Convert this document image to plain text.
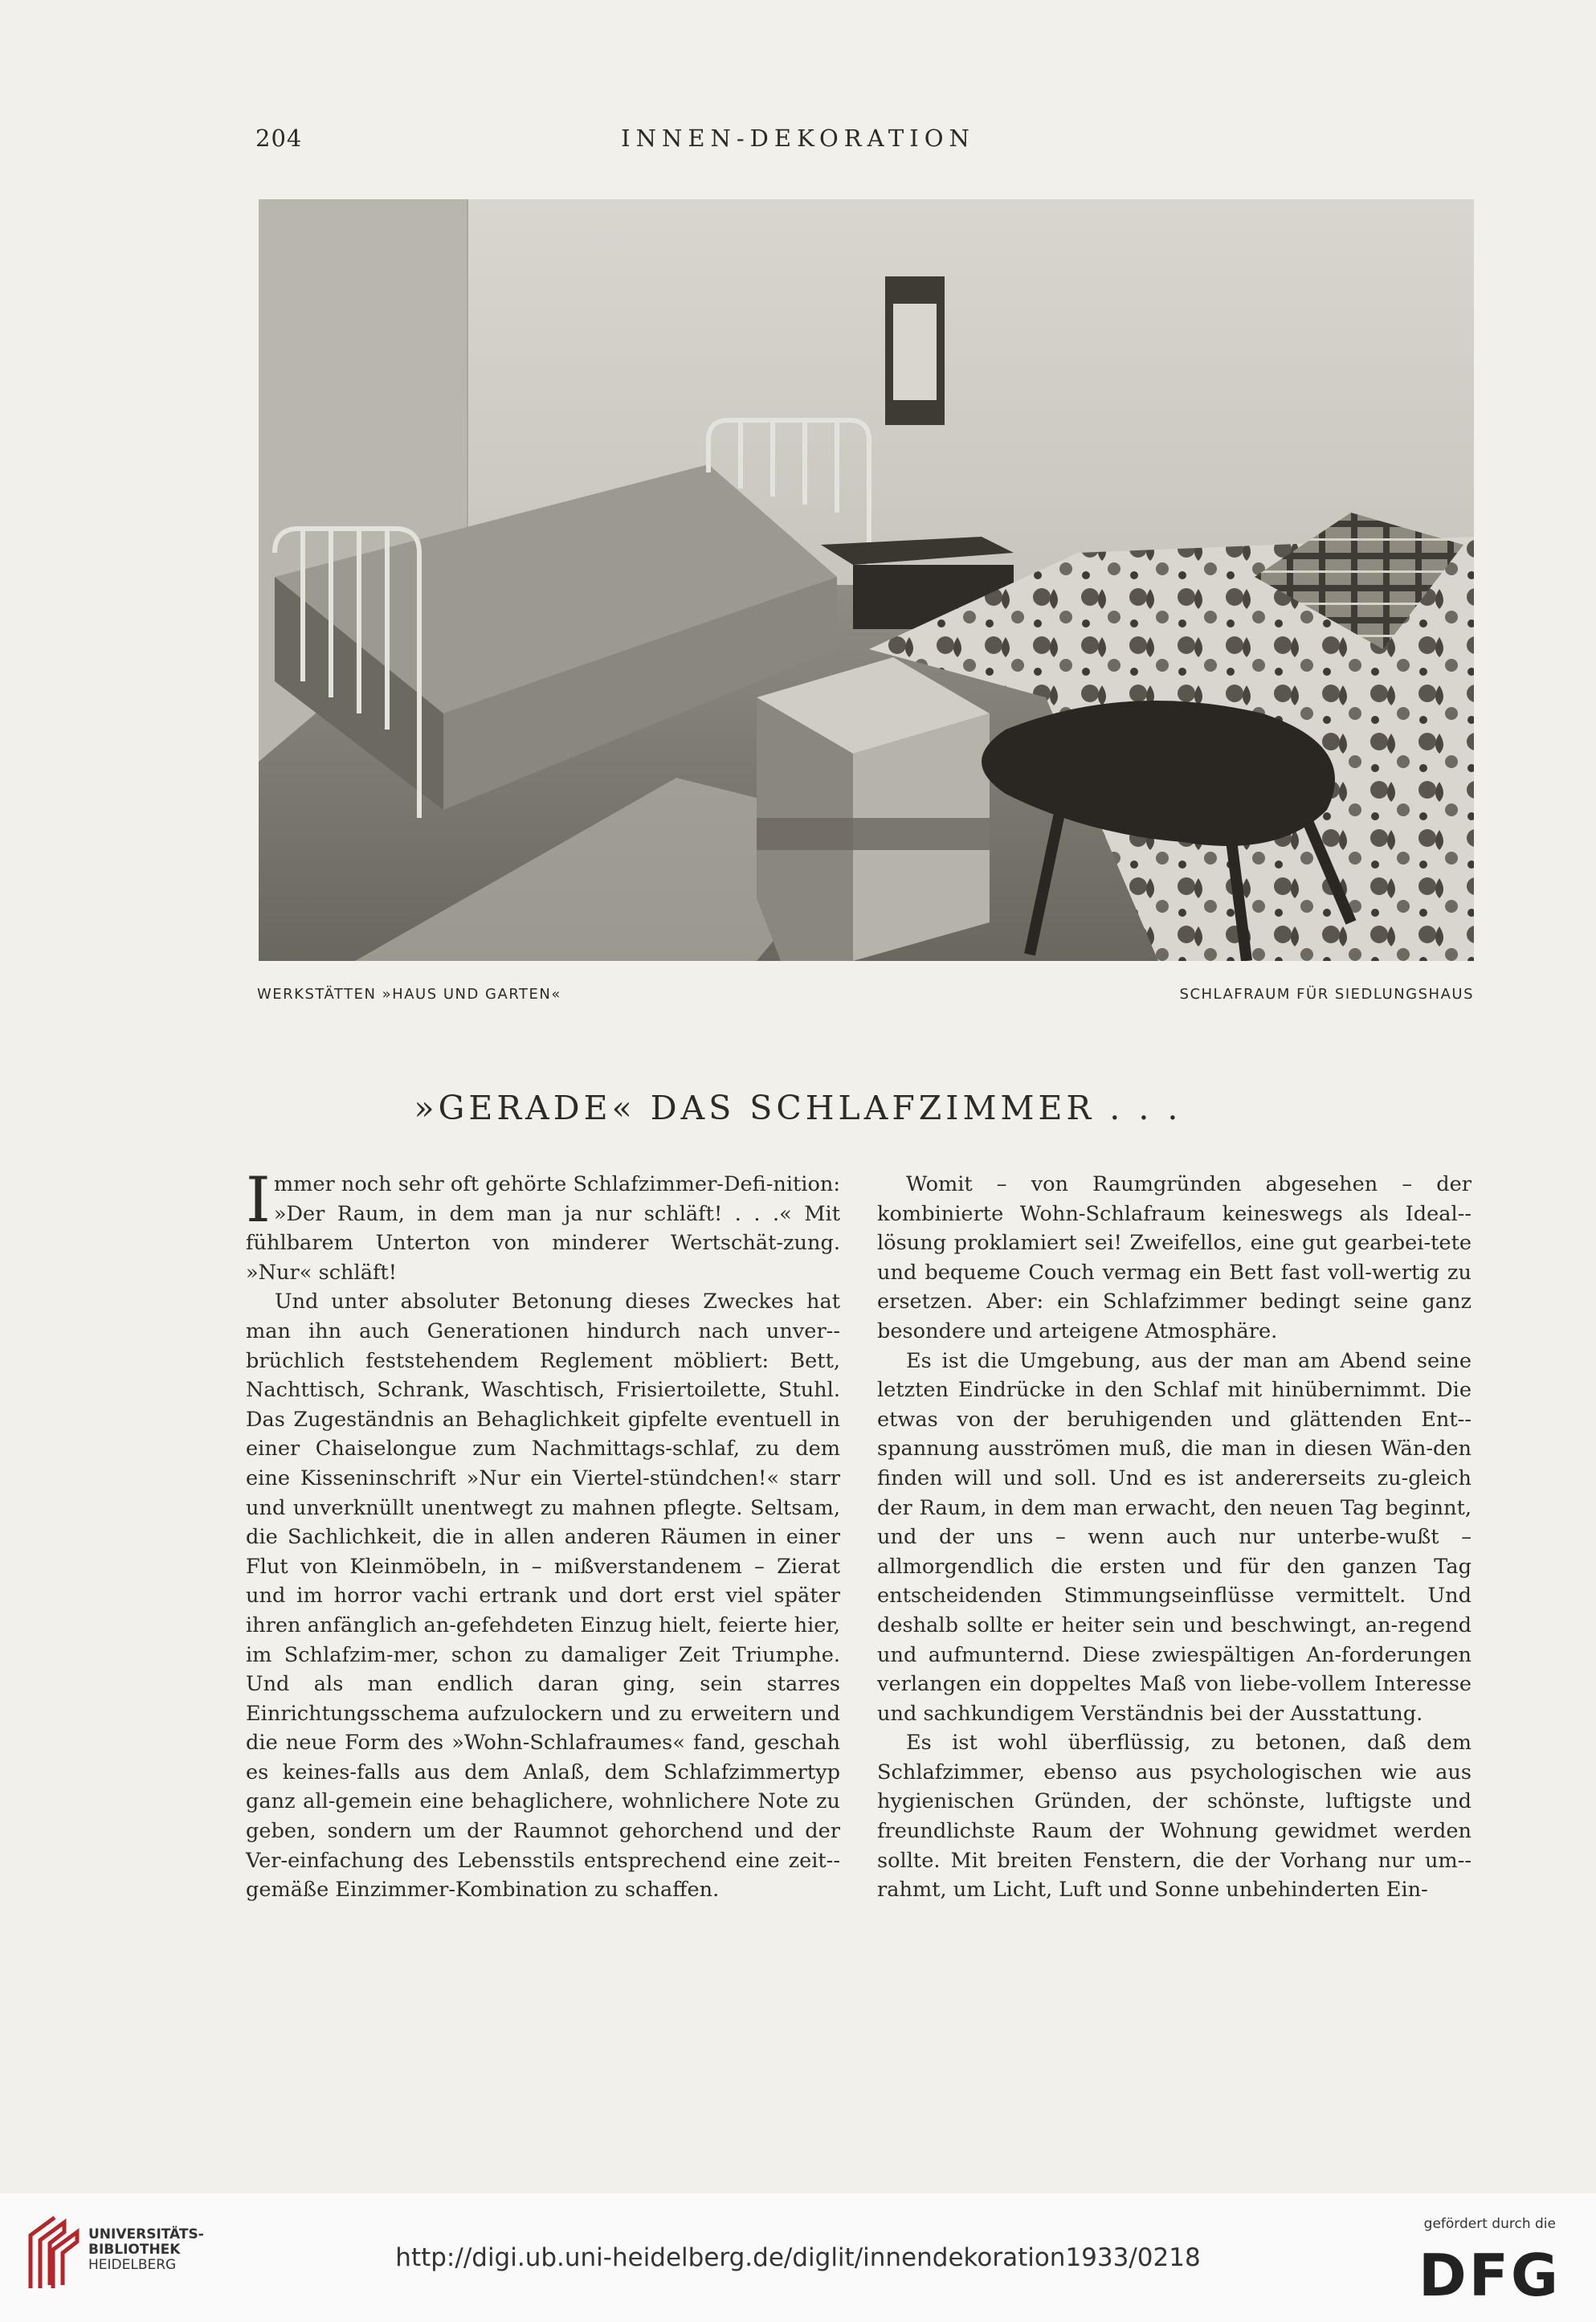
204	INNEN-DEKORATION
WERKSTÄTTEN »HAUS UND GARTEN«	SCHLAFRAUM FÜR SIEDLUNGSHAUS
»GERADE« DAS SCHLAFZIMMER . . .

Immer noch sehr oft gehörte Schlafzimmer-Defi-nition: »Der Raum, in dem man ja nur schläft! . . .« Mit fühlbarem Unterton von minderer Wertschät-zung. »Nur« schläft!

Und unter absoluter Betonung dieses Zweckes hat man ihn auch Generationen hindurch nach unver-brüchlich feststehendem Reglement möbliert: Bett, Nachttisch, Schrank, Waschtisch, Frisiertoilette, Stuhl. Das Zugeständnis an Behaglichkeit gipfelte eventuell in einer Chaiselongue zum Nachmittags-schlaf, zu dem eine Kisseninschrift »Nur ein Viertel-stündchen!« starr und unverknüllt unentwegt zu mahnen pflegte. Seltsam, die Sachlichkeit, die in allen anderen Räumen in einer Flut von Kleinmöbeln, in – mißverstandenem – Zierat und im horror vachi ertrank und dort erst viel später ihren anfänglich an-gefehdeten Einzug hielt, feierte hier, im Schlafzim-mer, schon zu damaliger Zeit Triumphe. Und als man endlich daran ging, sein starres Einrichtungsschema aufzulockern und zu erweitern und die neue Form des »Wohn-Schlafraumes« fand, geschah es keines-falls aus dem Anlaß, dem Schlafzimmertyp ganz all-gemein eine behaglichere, wohnlichere Note zu geben, sondern um der Raumnot gehorchend und der Ver-einfachung des Lebensstils entsprechend eine zeit-gemäße Einzimmer-Kombination zu schaffen.

Womit – von Raumgründen abgesehen – der kombinierte Wohn-Schlafraum keineswegs als Ideal-lösung proklamiert sei! Zweifellos, eine gut gearbei-tete und bequeme Couch vermag ein Bett fast voll-wertig zu ersetzen. Aber: ein Schlafzimmer bedingt seine ganz besondere und arteigene Atmosphäre.

Es ist die Umgebung, aus der man am Abend seine letzten Eindrücke in den Schlaf mit hinübernimmt. Die etwas von der beruhigenden und glättenden Ent-spannung ausströmen muß, die man in diesen Wän-den finden will und soll. Und es ist andererseits zu-gleich der Raum, in dem man erwacht, den neuen Tag beginnt, und der uns – wenn auch nur unterbe-wußt – allmorgendlich die ersten und für den ganzen Tag entscheidenden Stimmungseinflüsse vermittelt. Und deshalb sollte er heiter sein und beschwingt, an-regend und aufmunternd. Diese zwiespältigen An-forderungen verlangen ein doppeltes Maß von liebe-vollem Interesse und sachkundigem Verständnis bei der Ausstattung.

Es ist wohl überflüssig, zu betonen, daß dem Schlafzimmer, ebenso aus psychologischen wie aus hygienischen Gründen, der schönste, luftigste und freundlichste Raum der Wohnung gewidmet werden sollte. Mit breiten Fenstern, die der Vorhang nur um-rahmt, um Licht, Luft und Sonne unbehinderten Ein-

UNIVERSITÄTS-
BIBLIOTHEK
HEIDELBERG	http://digi.ub.uni-heidelberg.de/diglit/innendekoration1933/0218
gefördert durch die
DFG
